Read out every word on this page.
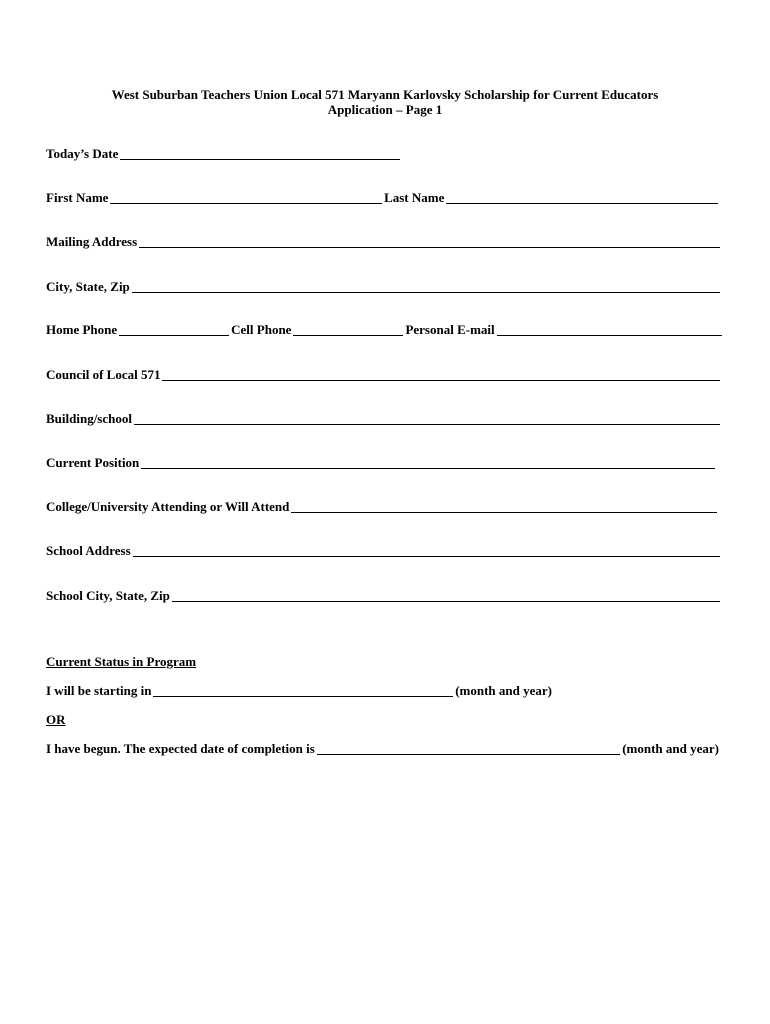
West Suburban Teachers Union Local 571 Maryann Karlovsky Scholarship for Current Educators
Application – Page 1
Today’s Date
First Name	Last Name
Mailing Address
City, State, Zip
Home Phone	Cell Phone	Personal E-mail
Council of Local 571
Building/school
Current Position
College/University Attending or Will Attend
School Address
School City, State, Zip
Current Status in Program
I will be starting in	(month and year)
OR
I have begun. The expected date of completion is	(month and year)
